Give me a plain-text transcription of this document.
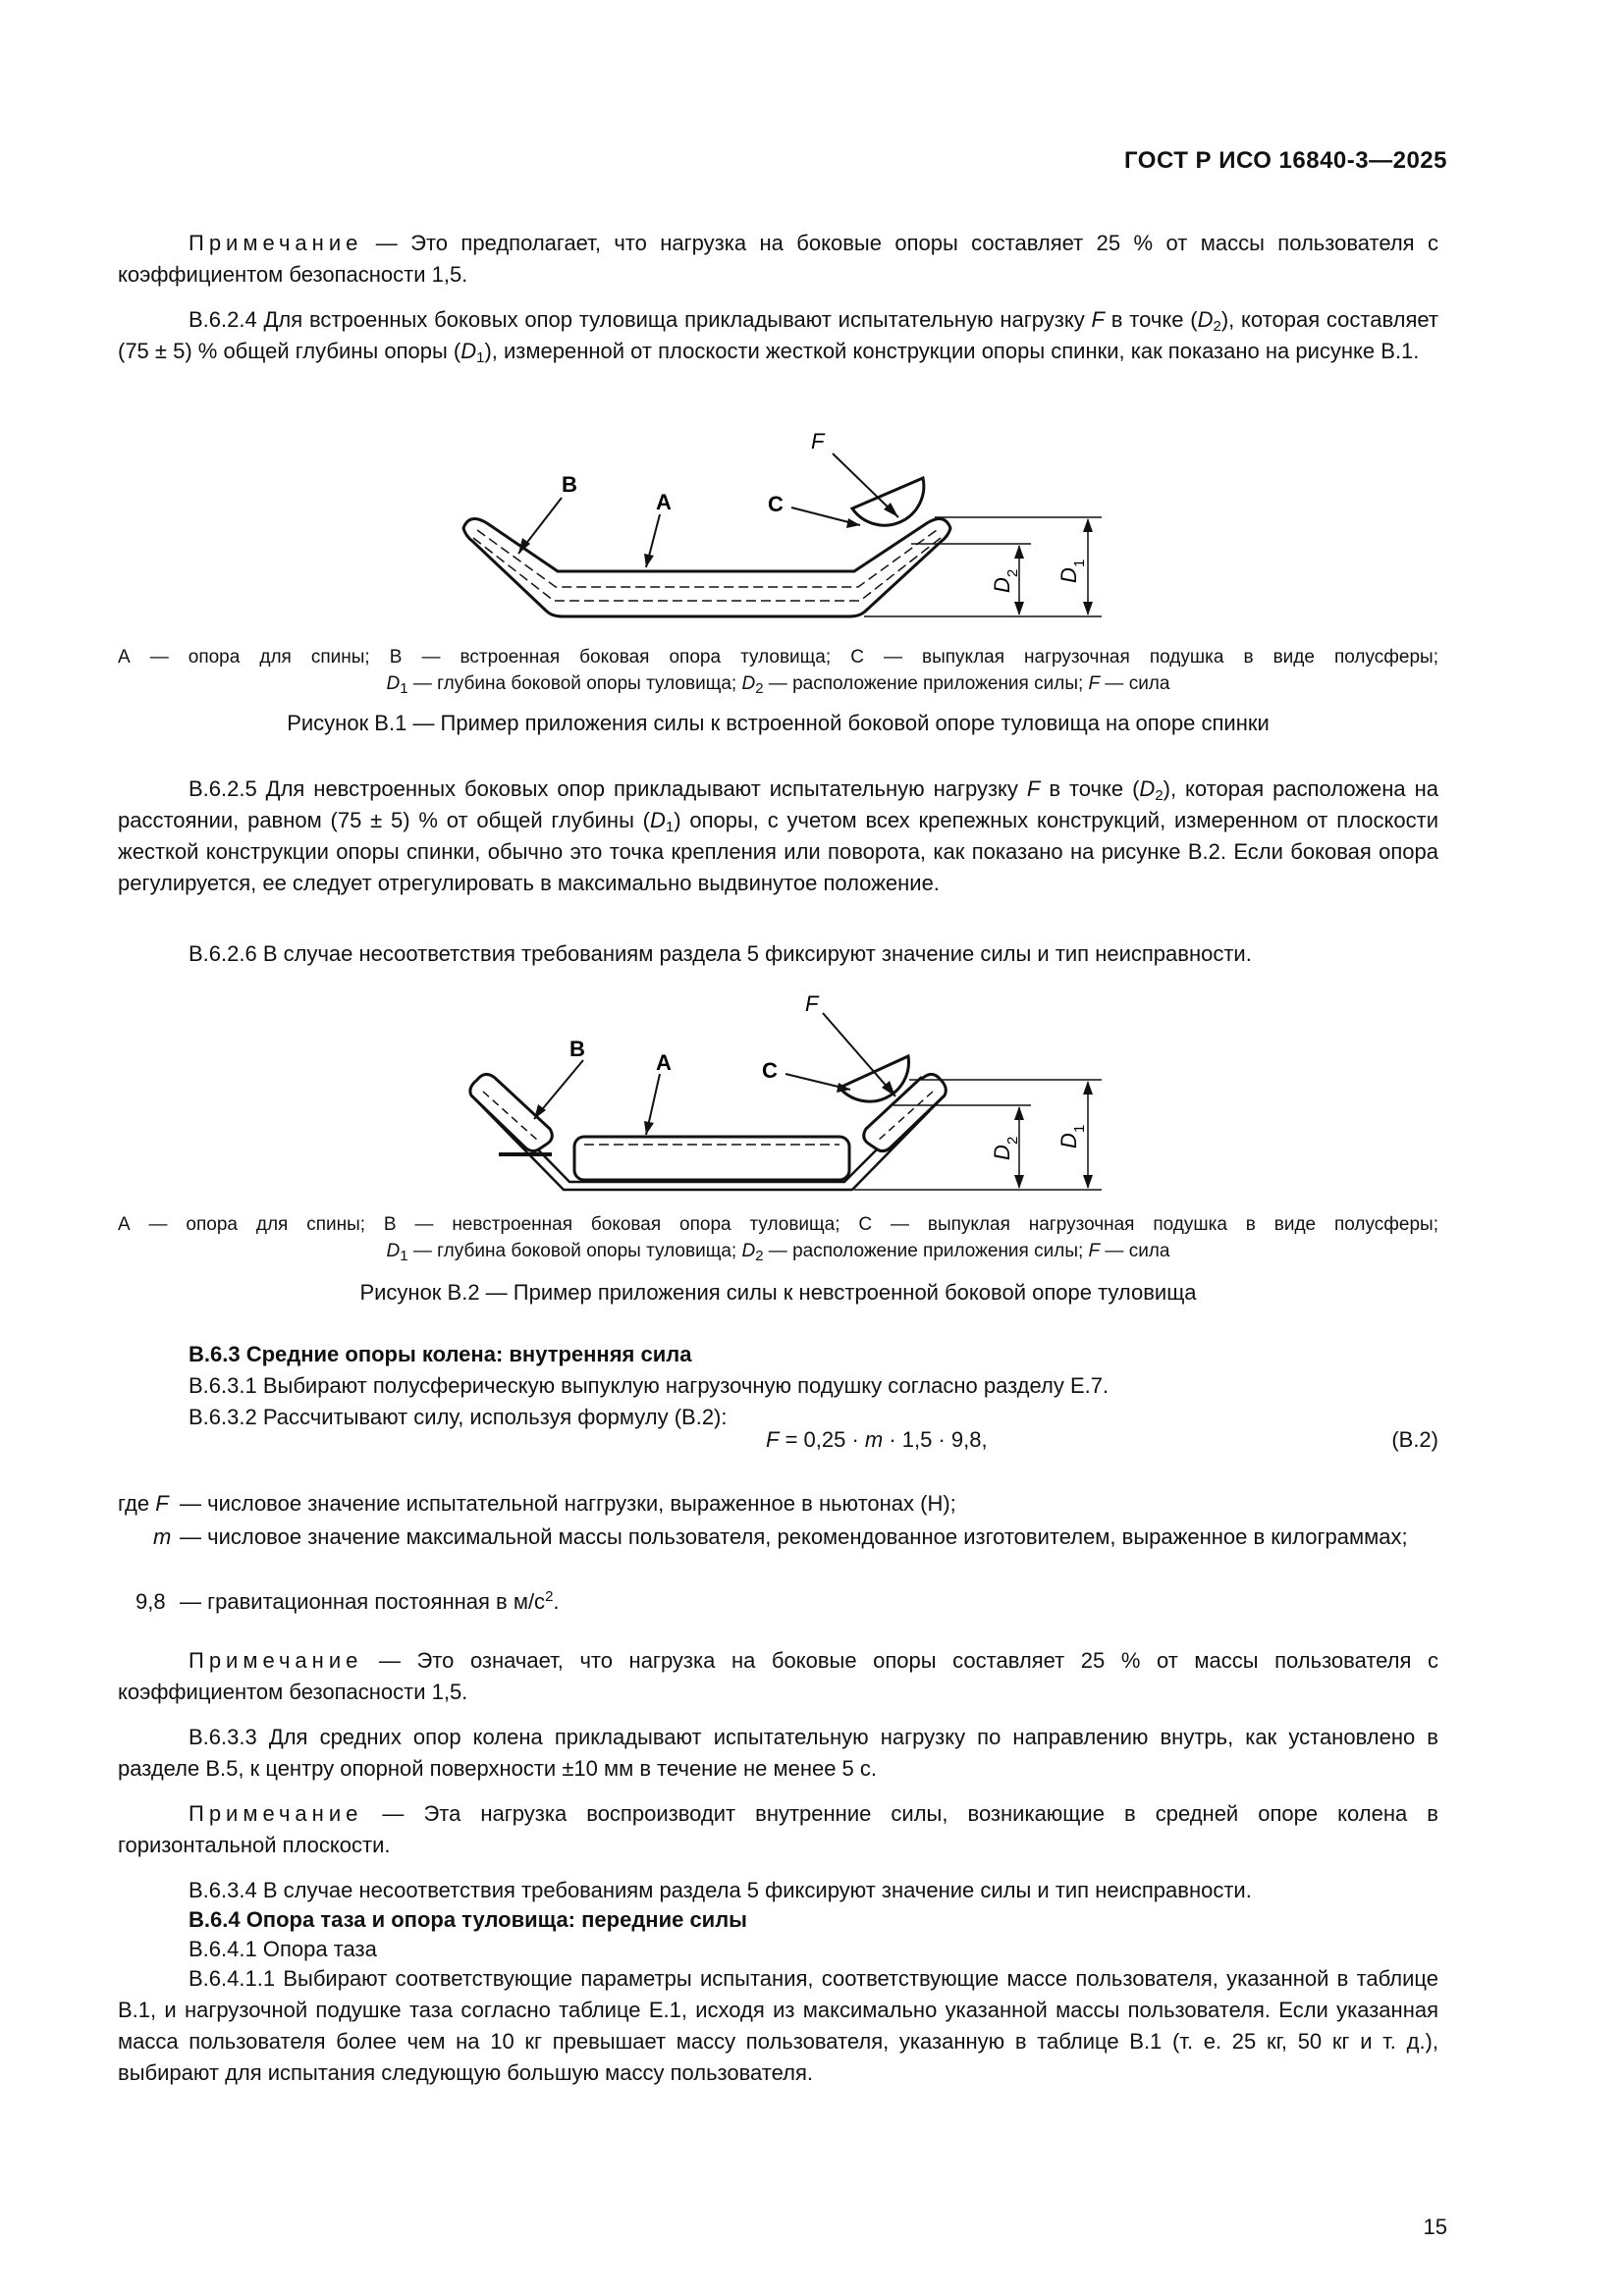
ГОСТ Р ИСО 16840-3—2025

Примечание — Это предполагает, что нагрузка на боковые опоры составляет 25 % от массы пользователя с коэффициентом безопасности 1,5.

В.6.2.4 Для встроенных боковых опор туловища прикладывают испытательную нагрузку F в точке $(D_2)$, которая составляет (75 ± 5) % общей глубины опоры $(D_1)$, измеренной от плоскости жесткой конструкции опоры спинки, как показано на рисунке В.1.

F
B
A	C
D
2 D
1
А — опора для спины; В — встроенная боковая опора туловища; С — выпуклая нагрузочная подушка в виде полусферы;
$D_1$ — глубина боковой опоры туловища; $D_2$ — расположение приложения силы; F — сила
Рисунок В.1 — Пример приложения силы к встроенной боковой опоре туловища на опоре спинки

В.6.2.5 Для невстроенных боковых опор прикладывают испытательную нагрузку F в точке $(D_2)$, которая расположена на расстоянии, равном (75 ± 5) % от общей глубины $(D_1)$ опоры, с учетом всех крепежных конструкций, измеренном от плоскости жесткой конструкции опоры спинки, обычно это точка крепления или поворота, как показано на рисунке В.2. Если боковая опора регулируется, ее следует отрегулировать в максимально выдвинутое положение.

В.6.2.6 В случае несоответствия требованиям раздела 5 фиксируют значение силы и тип неисправности.

F
B
A	C
D
2 D
1
А — опора для спины; В — невстроенная боковая опора туловища; С — выпуклая нагрузочная подушка в виде полусферы;
$D_1$ — глубина боковой опоры туловища; $D_2$ — расположение приложения силы; F — сила
Рисунок В.2 — Пример приложения силы к невстроенной боковой опоре туловища

В.6.3 Средние опоры колена: внутренняя сила

В.6.3.1 Выбирают полусферическую выпуклую нагрузочную подушку согласно разделу Е.7.

В.6.3.2 Рассчитывают силу, используя формулу (В.2):

F = 0,25 · m · 1,5 · 9,8,	(В.2)
где F — числовое значение испытательной наггрузки, выраженное в ньютонах (Н);
m — числовое значение максимальной массы пользователя, рекомендованное изготовителем, выраженное в килограммах;
9,8 — гравитационная постоянная в $м/с^2$.

Примечание — Это означает, что нагрузка на боковые опоры составляет 25 % от массы пользователя с коэффициентом безопасности 1,5.

В.6.3.3 Для средних опор колена прикладывают испытательную нагрузку по направлению внутрь, как установлено в разделе В.5, к центру опорной поверхности ±10 мм в течение не менее 5 с.

Примечание — Эта нагрузка воспроизводит внутренние силы, возникающие в средней опоре колена в горизонтальной плоскости.

В.6.3.4 В случае несоответствия требованиям раздела 5 фиксируют значение силы и тип неисправности.

В.6.4 Опора таза и опора туловища: передние силы

В.6.4.1 Опора таза

В.6.4.1.1 Выбирают соответствующие параметры испытания, соответствующие массе пользователя, указанной в таблице В.1, и нагрузочной подушке таза согласно таблице Е.1, исходя из максимально указанной массы пользователя. Если указанная масса пользователя более чем на 10 кг превышает массу пользователя, указанную в таблице В.1 (т. е. 25 кг, 50 кг и т. д.), выбирают для испытания следующую большую массу пользователя.

15
